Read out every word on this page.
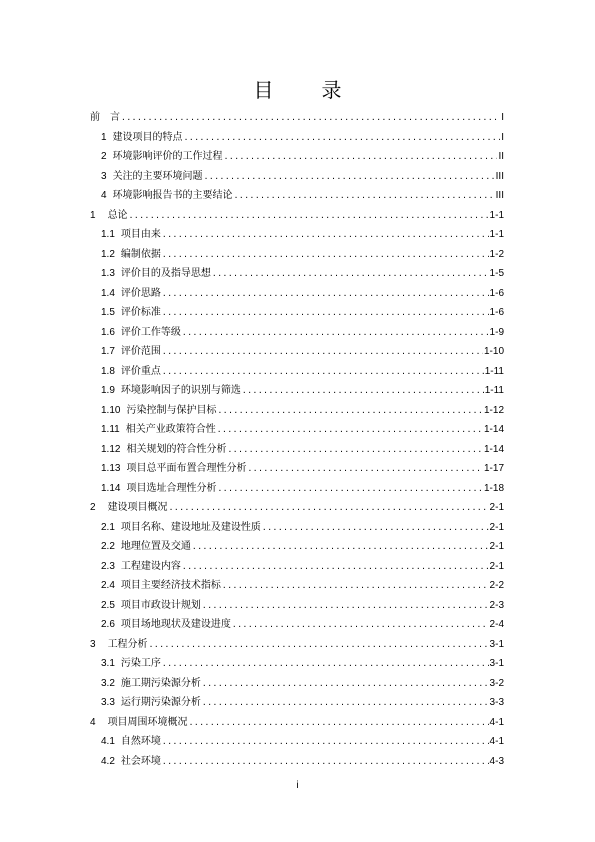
目　录
前　言 .....	I
1 建设项目的特点 .....	I
2 环境影响评价的工作过程 .....	II
3 关注的主要环境问题 .....	III
4 环境影响报告书的主要结论 .....	III
1 总论 .....	1-1
1.1 项目由来 .....	1-1
1.2 编制依据 .....	1-2
1.3 评价目的及指导思想 .....	1-5
1.4 评价思路 .....	1-6
1.5 评价标准 .....	1-6
1.6 评价工作等级 .....	1-9
1.7 评价范围 .....	1-10
1.8 评价重点 .....	1-11
1.9 环境影响因子的识别与筛选 .....	1-11
1.10 污染控制与保护目标 .....	1-12
1.11 相关产业政策符合性 .....	1-14
1.12 相关规划的符合性分析 .....	1-14
1.13 项目总平面布置合理性分析 .....	1-17
1.14 项目选址合理性分析 .....	1-18
2 建设项目概况 .....	2-1
2.1 项目名称、建设地址及建设性质 .....	2-1
2.2 地理位置及交通 .....	2-1
2.3 工程建设内容 .....	2-1
2.4 项目主要经济技术指标 .....	2-2
2.5 项目市政设计规划 .....	2-3
2.6 项目场地现状及建设进度 .....	2-4
3 工程分析 .....	3-1
3.1 污染工序 .....	3-1
3.2 施工期污染源分析 .....	3-2
3.3 运行期污染源分析 .....	3-3
4 项目周围环境概况 .....	4-1
4.1 自然环境 .....	4-1
4.2 社会环境 .....	4-3
i
